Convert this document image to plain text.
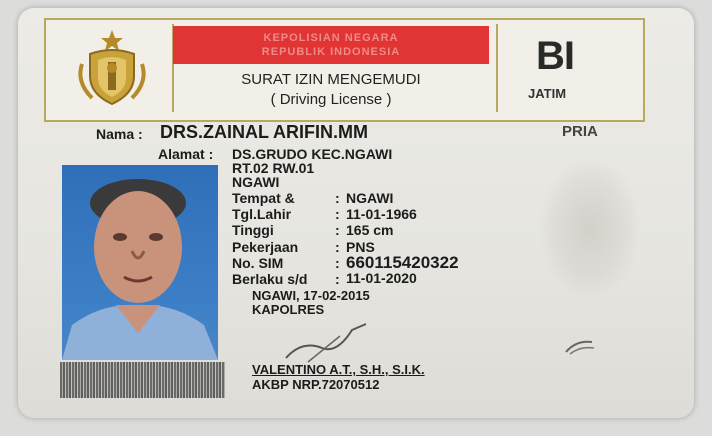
KEPOLISIAN NEGARA
REPUBLIK INDONESIA
SURAT IZIN MENGEMUDI
( Driving License )
BI
JATIM
Nama : DRS.ZAINAL ARIFIN.MM	PRIA
Alamat : DS.GRUDO KEC.NGAWI
RT.02 RW.01
NGAWI
Tempat &	: NGAWI
Tgl.Lahir	: 11-01-1966
Tinggi	: 165 cm
Pekerjaan	: PNS
No. SIM	: 660115420322
Berlaku s/d : 11-01-2020
NGAWI, 17-02-2015
KAPOLRES
VALENTINO A.T., S.H., S.I.K.
AKBP NRP.72070512
